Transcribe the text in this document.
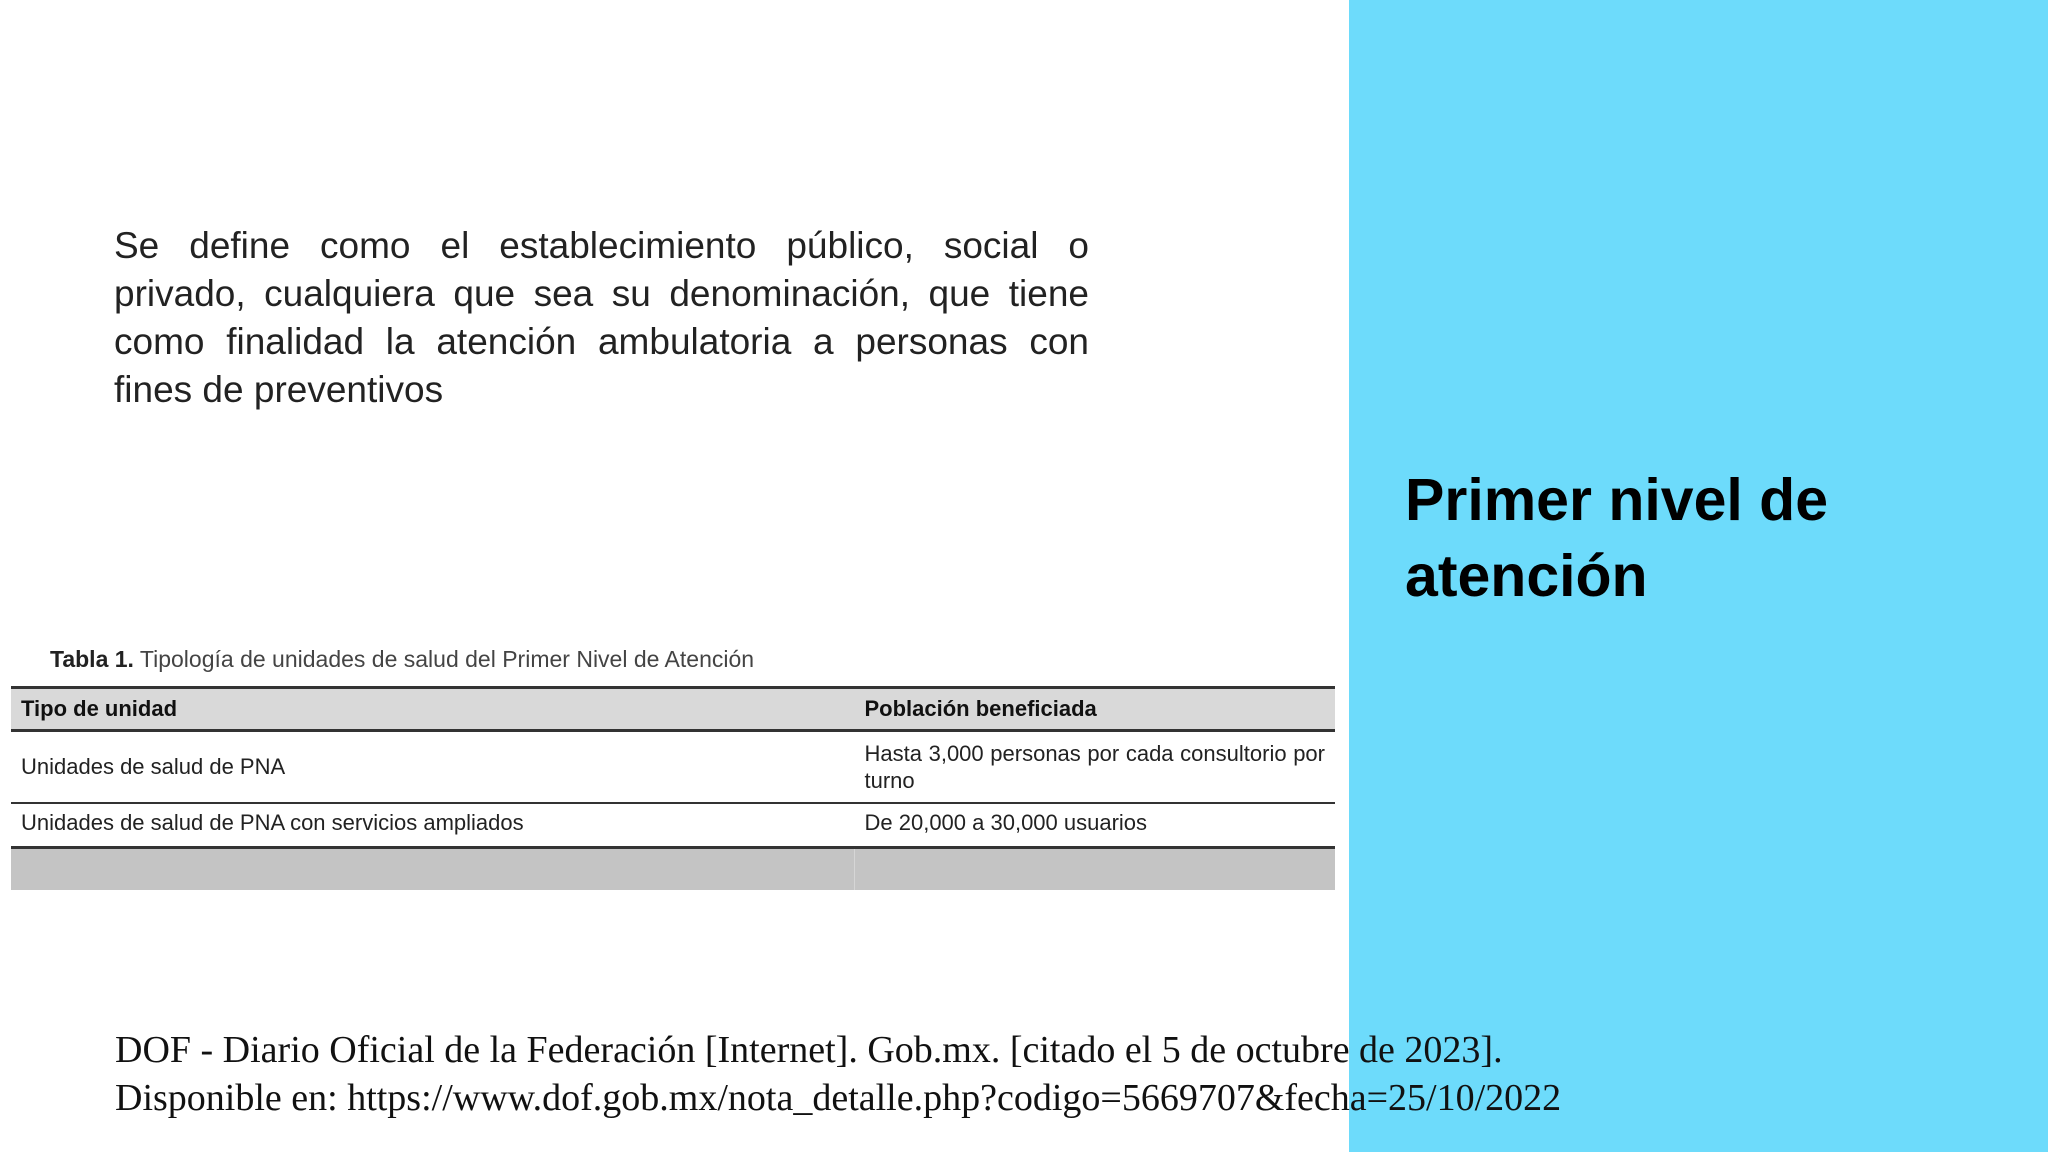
Primer nivel de atención

Se define como el establecimiento público, social o privado, cualquiera que sea su denominación, que tiene como finalidad la atención ambulatoria a personas con fines de preventivos

Tabla 1. Tipología de unidades de salud del Primer Nivel de Atención

Tipo de unidad	Población beneficiada
Unidades de salud de PNA	Hasta 3,000 personas por cada consultorio por turno
Unidades de salud de PNA con servicios ampliados	De 20,000 a 30,000 usuarios

DOF - Diario Oficial de la Federación [Internet]. Gob.mx. [citado el 5 de octubre de 2023].
Disponible en: https://www.dof.gob.mx/nota_detalle.php?codigo=5669707&fecha=25/10/2022
